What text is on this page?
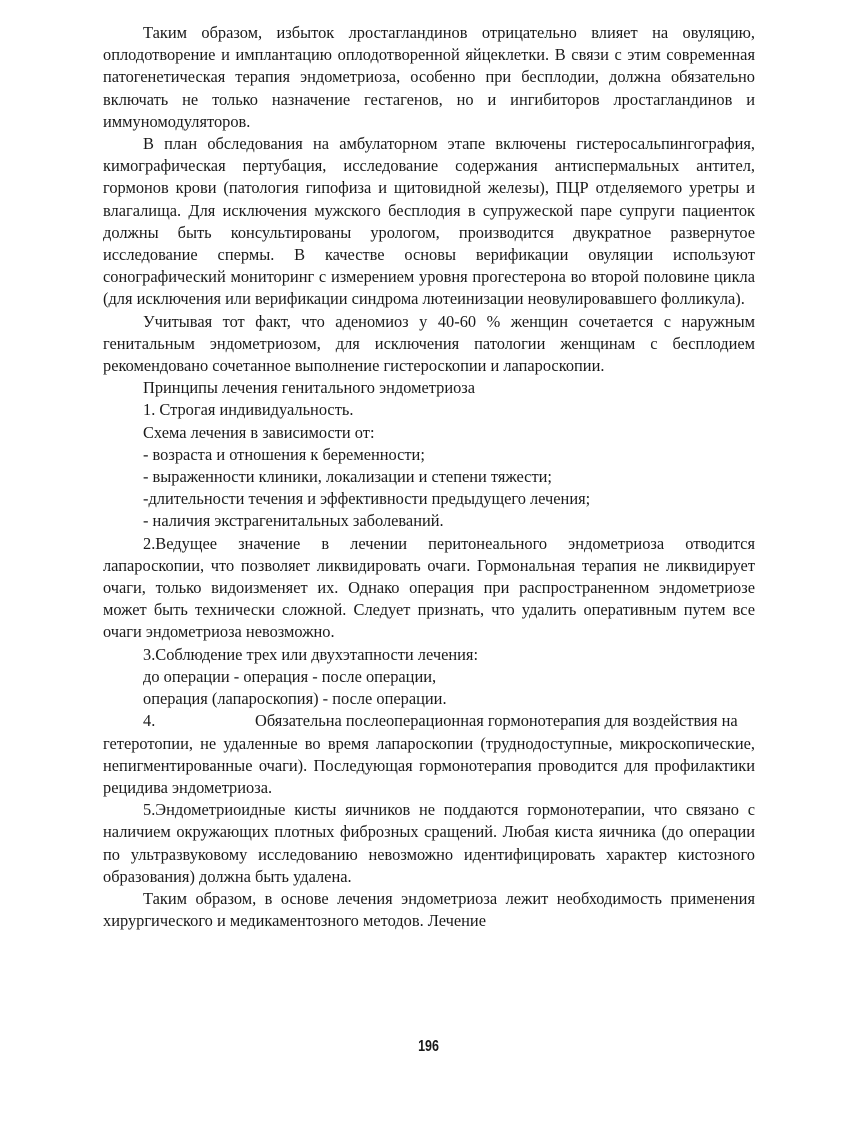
Таким образом, избыток лростагландинов отрицательно влияет на овуляцию, оплодотворение и имплантацию оплодотворенной яйцеклетки. В связи с этим современная патогенетическая терапия эндометриоза, особенно при бесплодии, должна обязательно включать не только назначение гестагенов, но и ингибиторов лростагландинов и иммуномодуляторов.

В план обследования на амбулаторном этапе включены гистеросальпингография, кимографическая пертубация, исследование содержания антиспермальных антител, гормонов крови (патология гипофиза и щитовидной железы), ПЦР отделяемого уретры и влагалища. Для исключения мужского бесплодия в супружеской паре супруги пациенток должны быть консультированы урологом, производится двукратное развернутое исследование спермы. В качестве основы верификации овуляции используют сонографический мониторинг с измерением уровня прогестерона во второй половине цикла (для исключения или верификации синдрома лютеинизации неовулировавшего фолликула).

Учитывая тот факт, что аденомиоз у 40-60 % женщин сочетается с наружным генитальным эндометриозом, для исключения патологии женщинам с бесплодием рекомендовано сочетанное выполнение гистероскопии и лапароскопии.

Принципы лечения генитального эндометриоза

1. Строгая индивидуальность.

Схема лечения в зависимости от:

- возраста и отношения к беременности;

- выраженности клиники, локализации и степени тяжести;

-длительности течения и эффективности предыдущего лечения;

- наличия экстрагенитальных заболеваний.

2.Ведущее значение в лечении перитонеального эндометриоза отводится лапароскопии, что позволяет ликвидировать очаги. Гормональная терапия не ликвидирует очаги, только видоизменяет их. Однако операция при распространенном эндометриозе может быть технически сложной. Следует признать, что удалить оперативным путем все очаги эндометриоза невозможно.

3.Соблюдение трех или двухэтапности лечения:

до операции - операция - после операции,

операция (лапароскопия) - после операции.

4.	Обязательна послеоперационная гормонотерапия для воздействия на

гетеротопии, не удаленные во время лапароскопии (труднодоступные, микроскопические, непигментированные очаги). Последующая гормонотерапия проводится для профилактики рецидива эндометриоза.

5.Эндометриоидные кисты яичников не поддаются гормонотерапии, что связано с наличием окружающих плотных фиброзных сращений. Любая киста яичника (до операции по ультразвуковому исследованию невозможно идентифицировать характер кистозного образования) должна быть удалена.

Таким образом, в основе лечения эндометриоза лежит необходимость применения хирургического и медикаментозного методов. Лечение

196
